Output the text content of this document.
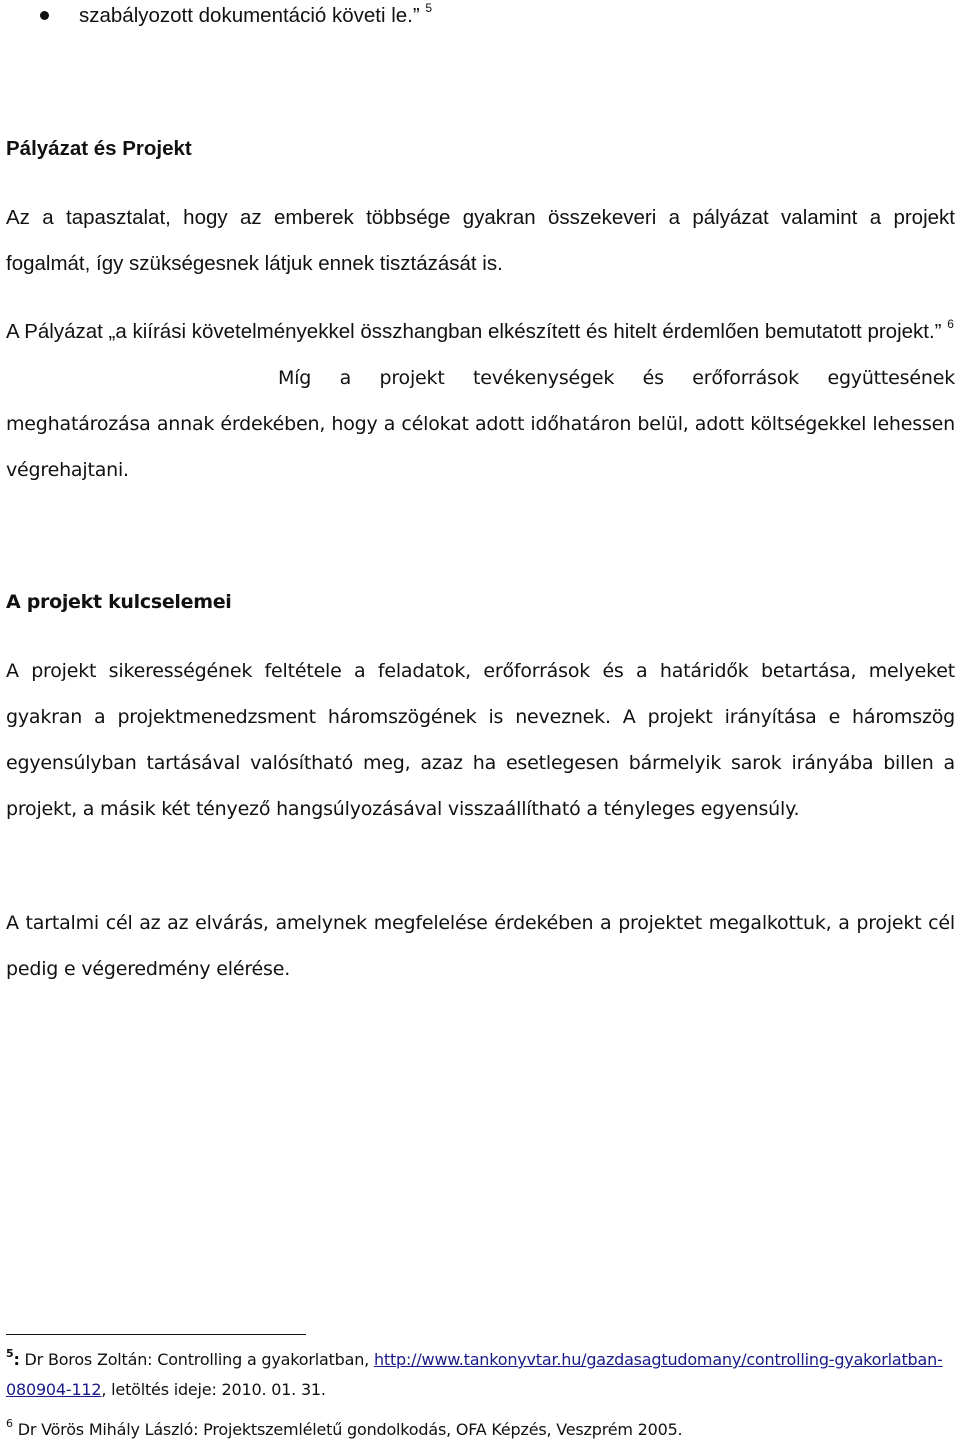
szabályozott dokumentáció követi le.” $^5$
Pályázat és Projekt

Az a tapasztalat, hogy az emberek többsége gyakran összekeveri a pályázat valamint a projekt fogalmát, így szükségesnek látjuk ennek tisztázását is.

A Pályázat „a kiírási követelményekkel összhangban elkészített és hitelt érdemlően bemutatott projekt.” $^6$

Míg a projekt tevékenységek és erőforrások együttesének meghatározása annak érdekében, hogy a célokat adott időhatáron belül, adott költségekkel lehessen végrehajtani.

A projekt kulcselemei

A projekt sikerességének feltétele a feladatok, erőforrások és a határidők betartása, melyeket gyakran a projektmenedzsment háromszögének is neveznek. A projekt irányítása e háromszög egyensúlyban tartásával valósítható meg, azaz ha esetlegesen bármelyik sarok irányába billen a projekt, a másik két tényező hangsúlyozásával visszaállítható a tényleges egyensúly.

A tartalmi cél az az elvárás, amelynek megfelelése érdekében a projektet megalkottuk, a projekt cél pedig e végeredmény elérése.

$^5$: Dr Boros Zoltán: Controlling a gyakorlatban, http://www.tankonyvtar.hu/gazdasagtudomany/controlling-gyakorlatban-080904-112, letöltés ideje: 2010. 01. 31.

$^6$ Dr Vörös Mihály László: Projektszemléletű gondolkodás, OFA Képzés, Veszprém 2005.
